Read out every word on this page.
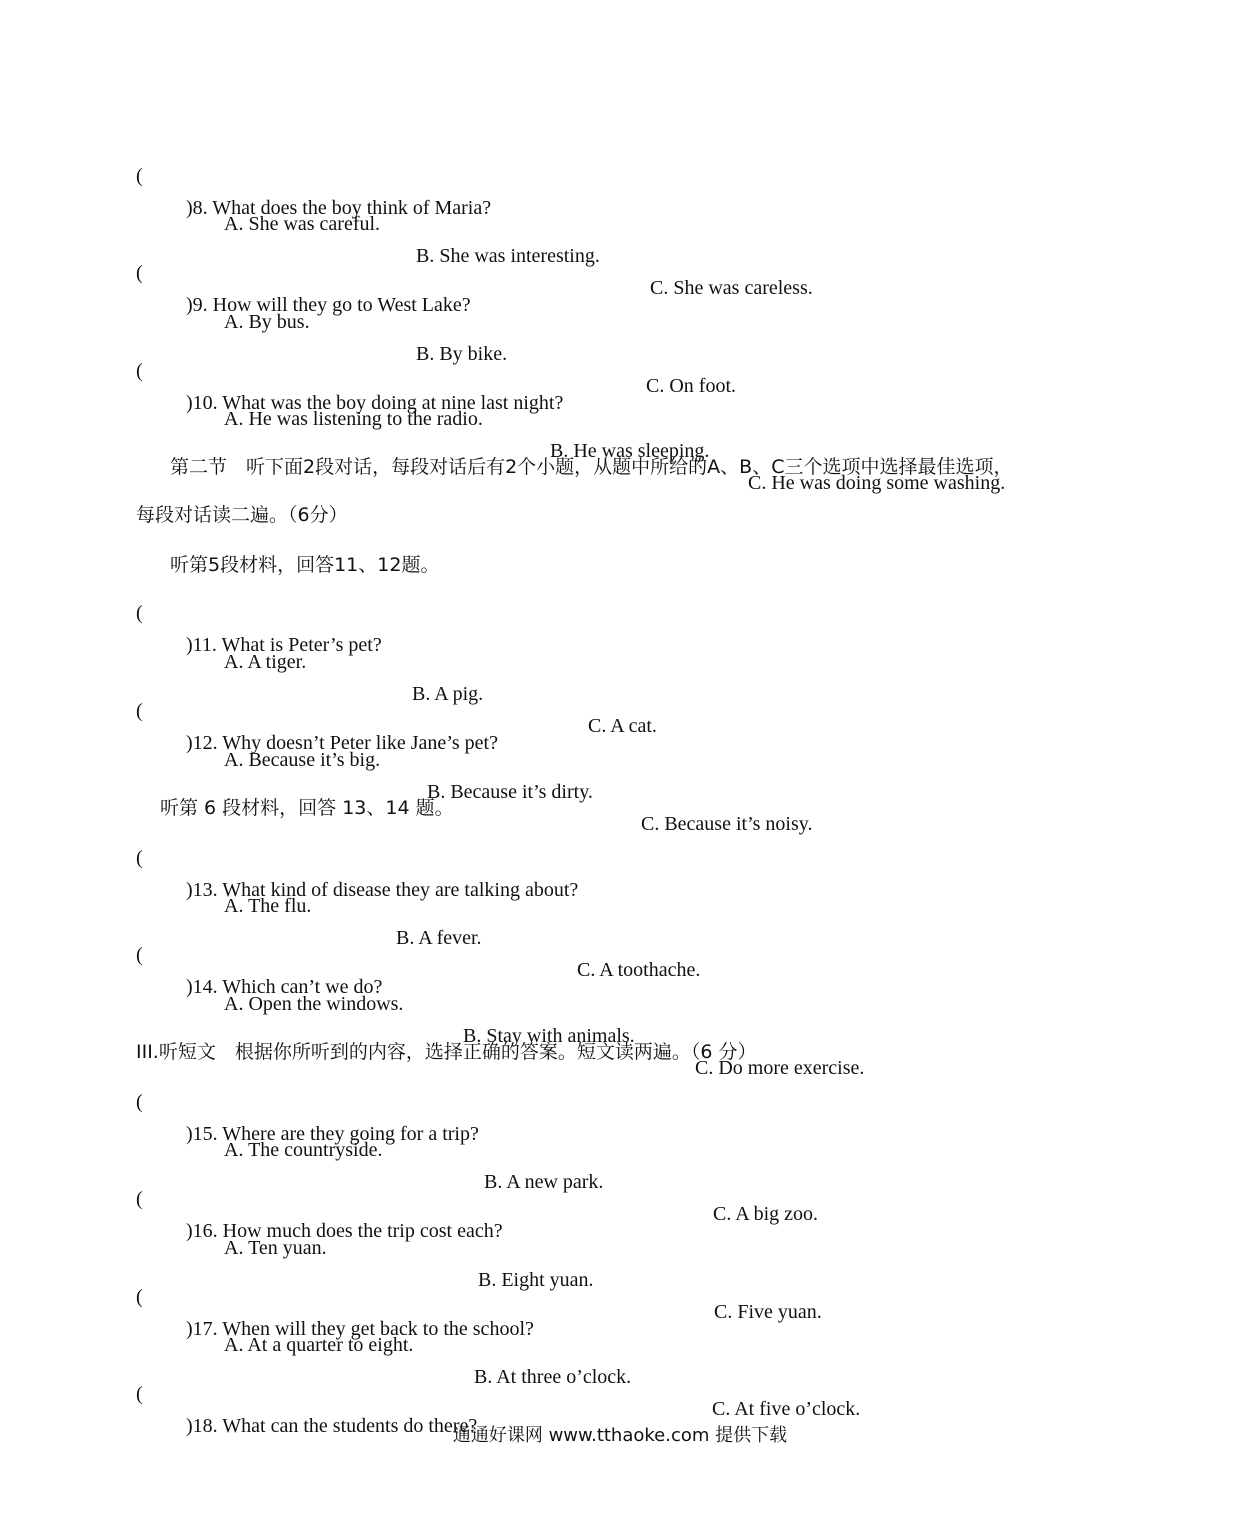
(

)8. What does the boy think of Maria?

A. She was careful.

B. She was interesting.

C. She was careless.

(

)9. How will they go to West Lake?

A. By bus.

B. By bike.

C. On foot.

(

)10. What was the boy doing at nine last night?

A. He was listening to the radio.

B. He was sleeping.

C. He was doing some washing.

第二节　听下面2段对话，每段对话后有2个小题，从题中所给的A、B、C三个选项中选择最佳选项，

每段对话读二遍。（6分）

听第5段材料，回答11、12题。

(

)11. What is Peter’s pet?

A. A tiger.

B. A pig.

C. A cat.

(

)12. Why doesn’t Peter like Jane’s pet?

A. Because it’s big.

B. Because it’s dirty.

C. Because it’s noisy.

听第 6 段材料，回答 13、14 题。

(

)13. What kind of disease they are talking about?

A. The flu.

B. A fever.

C. A toothache.

(

)14. Which can’t we do?

A. Open the windows.

B. Stay with animals.

C. Do more exercise.

III.听短文　根据你所听到的内容，选择正确的答案。短文读两遍。（6 分）

(

)15. Where are they going for a trip?

A. The countryside.

B. A new park.

C. A big zoo.

(

)16. How much does the trip cost each?

A. Ten yuan.

B. Eight yuan.

C. Five yuan.

(

)17. When will they get back to the school?

A. At a quarter to eight.

B. At three o’clock.

C. At five o’clock.

(

)18. What can the students do there?

通通好课网 www.tthaoke.com 提供下载
